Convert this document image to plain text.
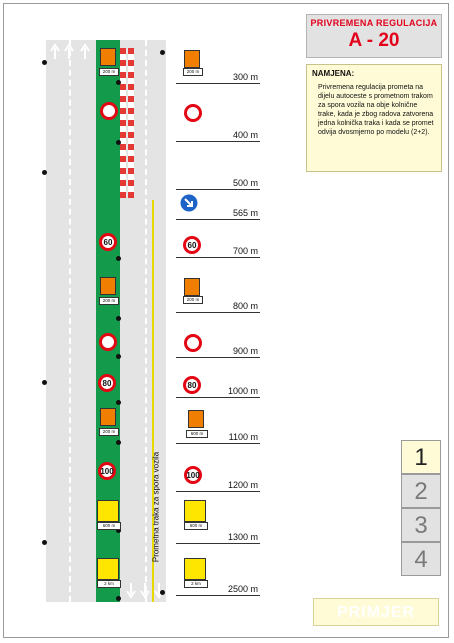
200 m
60
200 m
80
200 m
100
600 m
2 km
200 m
60
200 m
80
600 m
100
600 m
2 km
300 m
400 m
500 m
565 m
700 m
800 m
900 m
1000 m
1100 m
1200 m
1300 m
2500 m
Prometna traka za spora vozila
PRIVREMENA REGULACIJA
A - 20
NAMJENA:
Privremena regulacija prometa na dijelu autoceste s prometnom trakom za spora vozila na obje kolnične trake, kada je zbog radova zatvorena jedna kolnička traka i kada se promet odvija dvosmjerno po modelu (2+2).
1
2
3
4
PRIMJER
